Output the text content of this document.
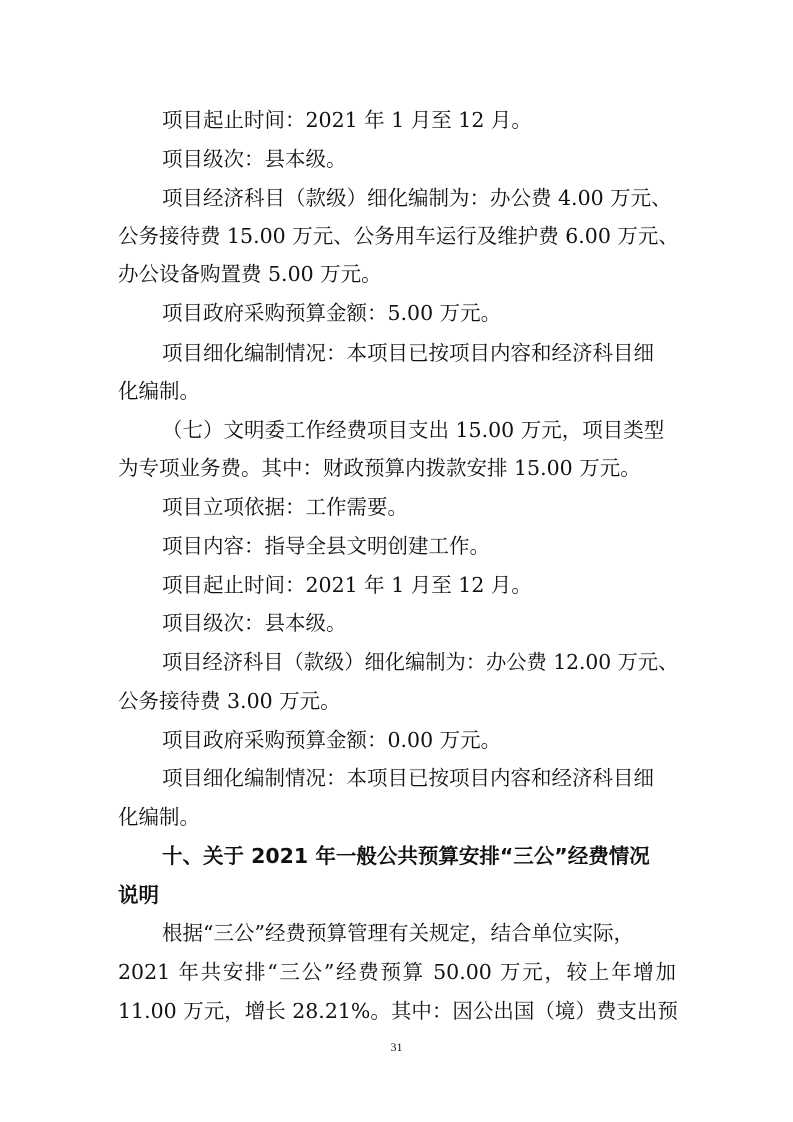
项目起止时间：2021 年 1 月至 12 月。
项目级次：县本级。
项目经济科目（款级）细化编制为：办公费 4.00 万元、
公务接待费 15.00 万元、公务用车运行及维护费 6.00 万元、
办公设备购置费 5.00 万元。
项目政府采购预算金额：5.00 万元。
项目细化编制情况：本项目已按项目内容和经济科目细
化编制。
（七）文明委工作经费项目支出 15.00 万元，项目类型
为专项业务费。其中：财政预算内拨款安排 15.00 万元。
项目立项依据：工作需要。
项目内容：指导全县文明创建工作。
项目起止时间：2021 年 1 月至 12 月。
项目级次：县本级。
项目经济科目（款级）细化编制为：办公费 12.00 万元、
公务接待费 3.00 万元。
项目政府采购预算金额：0.00 万元。
项目细化编制情况：本项目已按项目内容和经济科目细
化编制。
十、关于 2021 年一般公共预算安排“三公”经费情况
说明
根据“三公”经费预算管理有关规定，结合单位实际，
2021 年共安排“三公”经费预算 50.00 万元，较上年增加
11.00 万元，增长 28.21%。其中：因公出国（境）费支出预
31
